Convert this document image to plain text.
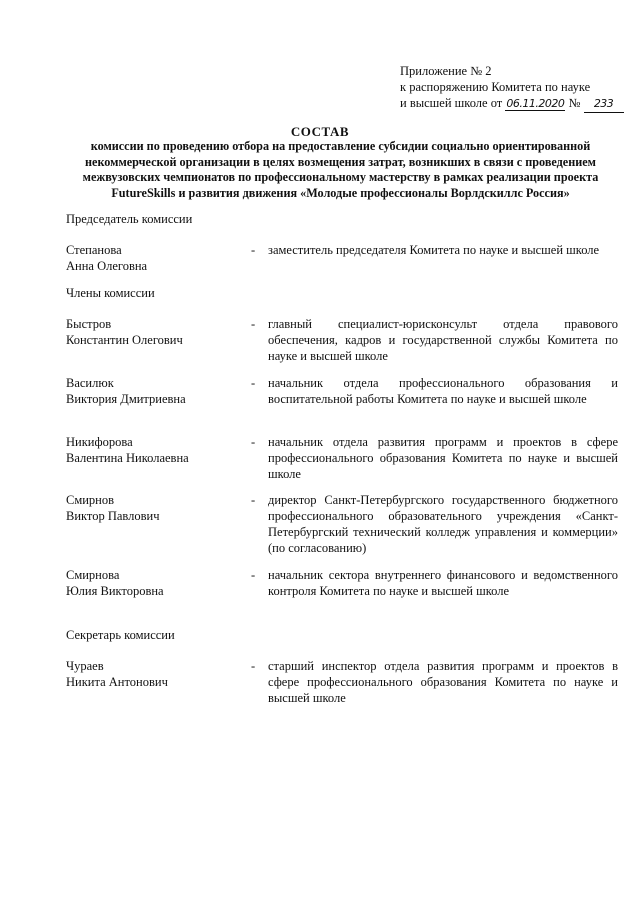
Приложение № 2
к распоряжению Комитета по науке
и высшей школе от 06.11.2020 № 233
СОСТАВ
комиссии по проведению отбора на предоставление субсидии социально ориентированной некоммерческой организации в целях возмещения затрат, возникших в связи с проведением межвузовских чемпионатов по профессиональному мастерству в рамках реализации проекта FutureSkills и развития движения «Молодые профессионалы Ворлдскиллс Россия»
Председатель комиссии
Степанова
Анна Олеговна
-	заместитель председателя Комитета по науке и высшей школе
Члены комиссии
Быстров
Константин Олегович
-	главный специалист-юрисконсульт отдела правового обеспечения, кадров и государственной службы Комитета по науке и высшей школе
Василюк
Виктория Дмитриевна
-	начальник отдела профессионального образования и воспитательной работы Комитета по науке и высшей школе
Никифорова
Валентина Николаевна
-	начальник отдела развития программ и проектов в сфере профессионального образования Комитета по науке и высшей школе
Смирнов
Виктор Павлович
-	директор Санкт-Петербургского государственного бюджетного профессионального образовательного учреждения «Санкт-Петербургский технический колледж управления и коммерции» (по согласованию)
Смирнова
Юлия Викторовна
-	начальник сектора внутреннего финансового и ведомственного контроля Комитета по науке и высшей школе
Секретарь комиссии
Чураев
Никита Антонович
-	старший инспектор отдела развития программ и проектов в сфере профессионального образования Комитета по науке и высшей школе
